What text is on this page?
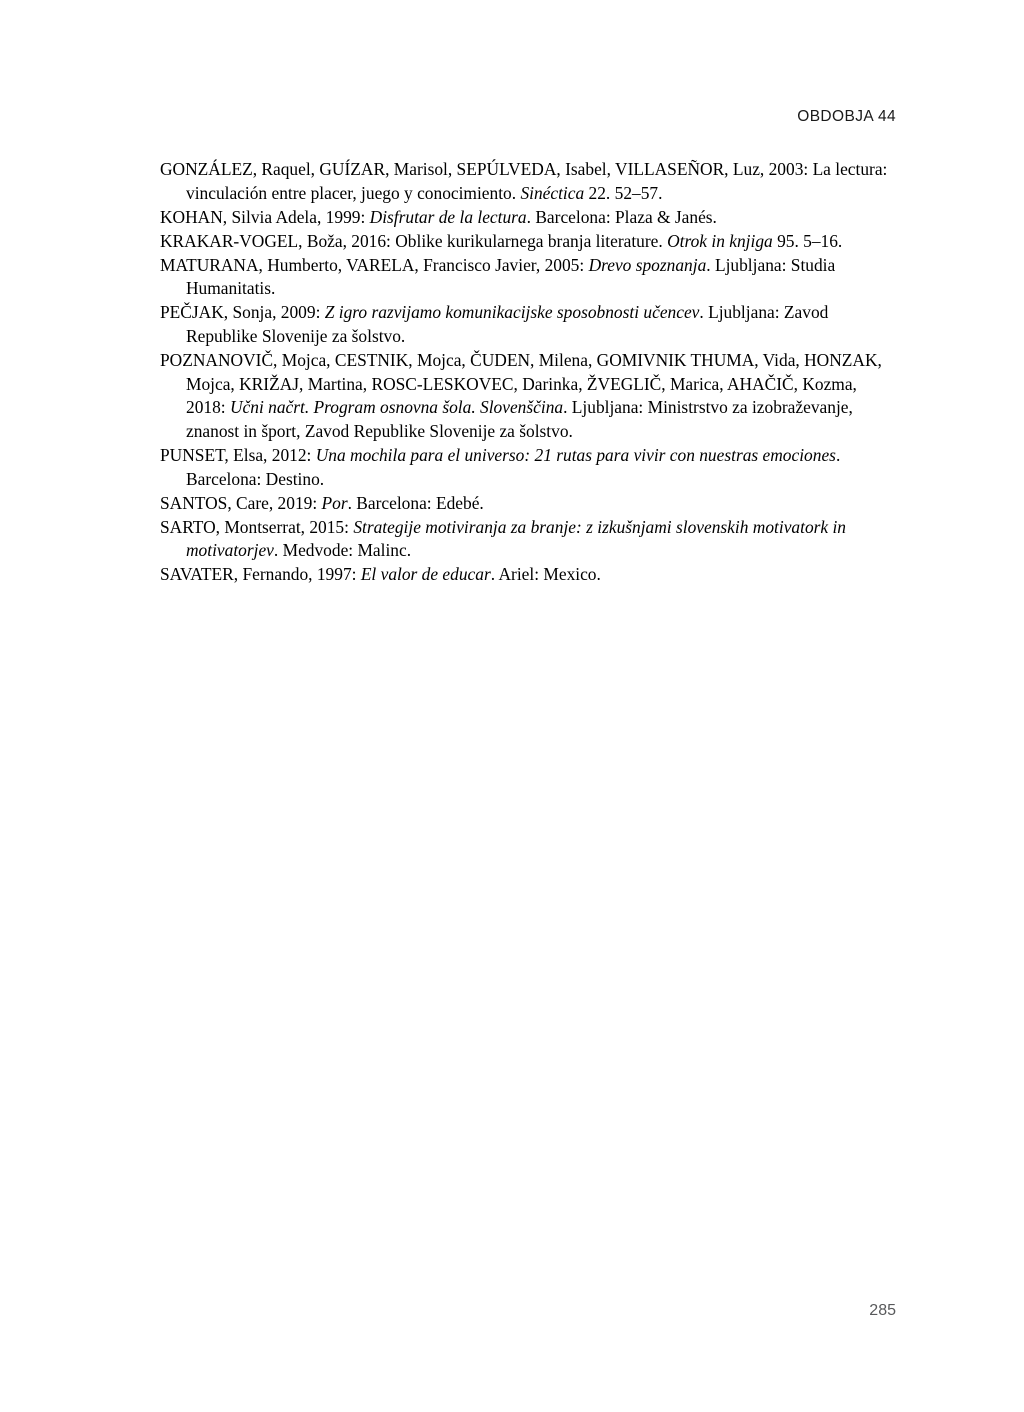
OBDOBJA 44

GONZÁLEZ, Raquel, GUÍZAR, Marisol, SEPÚLVEDA, Isabel, VILLASEÑOR, Luz, 2003: La lectura: vinculación entre placer, juego y conocimiento. Sinéctica 22. 52–57.

KOHAN, Silvia Adela, 1999: Disfrutar de la lectura. Barcelona: Plaza & Janés.

KRAKAR-VOGEL, Boža, 2016: Oblike kurikularnega branja literature. Otrok in knjiga 95. 5–16.

MATURANA, Humberto, VARELA, Francisco Javier, 2005: Drevo spoznanja. Ljubljana: Studia Humanitatis.

PEČJAK, Sonja, 2009: Z igro razvijamo komunikacijske sposobnosti učencev. Ljubljana: Zavod Republike Slovenije za šolstvo.

POZNANOVIČ, Mojca, CESTNIK, Mojca, ČUDEN, Milena, GOMIVNIK THUMA, Vida, HONZAK, Mojca, KRIŽAJ, Martina, ROSC-LESKOVEC, Darinka, ŽVEGLIČ, Marica, AHAČIČ, Kozma, 2018: Učni načrt. Program osnovna šola. Slovenščina. Ljubljana: Ministrstvo za izobraževanje, znanost in šport, Zavod Republike Slovenije za šolstvo.

PUNSET, Elsa, 2012: Una mochila para el universo: 21 rutas para vivir con nuestras emociones. Barcelona: Destino.

SANTOS, Care, 2019: Por. Barcelona: Edebé.

SARTO, Montserrat, 2015: Strategije motiviranja za branje: z izkušnjami slovenskih motivatork in motivatorjev. Medvode: Malinc.

SAVATER, Fernando, 1997: El valor de educar. Ariel: Mexico.

285
